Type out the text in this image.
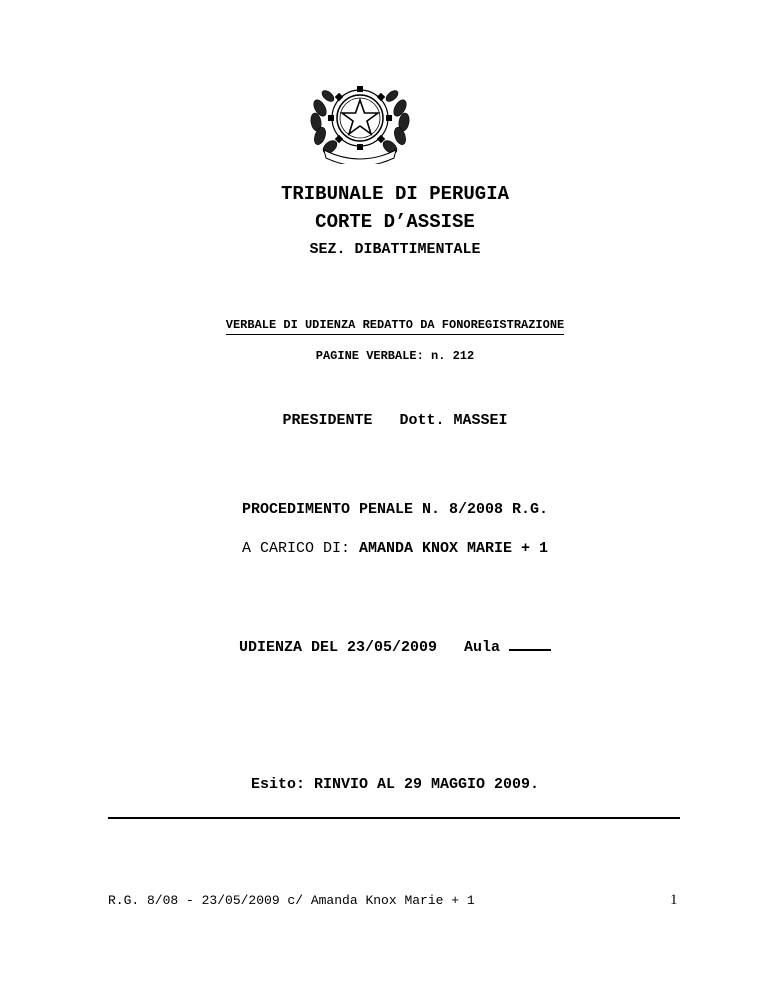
TRIBUNALE DI PERUGIA
CORTE D’ASSISE
SEZ. DIBATTIMENTALE
VERBALE DI UDIENZA REDATTO DA FONOREGISTRAZIONE
PAGINE VERBALE: n. 212
PRESIDENTE Dott. MASSEI
PROCEDIMENTO PENALE N. 8/2008 R.G.
A CARICO DI: AMANDA KNOX MARIE + 1
UDIENZA DEL 23/05/2009 Aula
Esito: RINVIO AL 29 MAGGIO 2009.
R.G. 8/08 - 23/05/2009 c/ Amanda Knox Marie + 1	1
